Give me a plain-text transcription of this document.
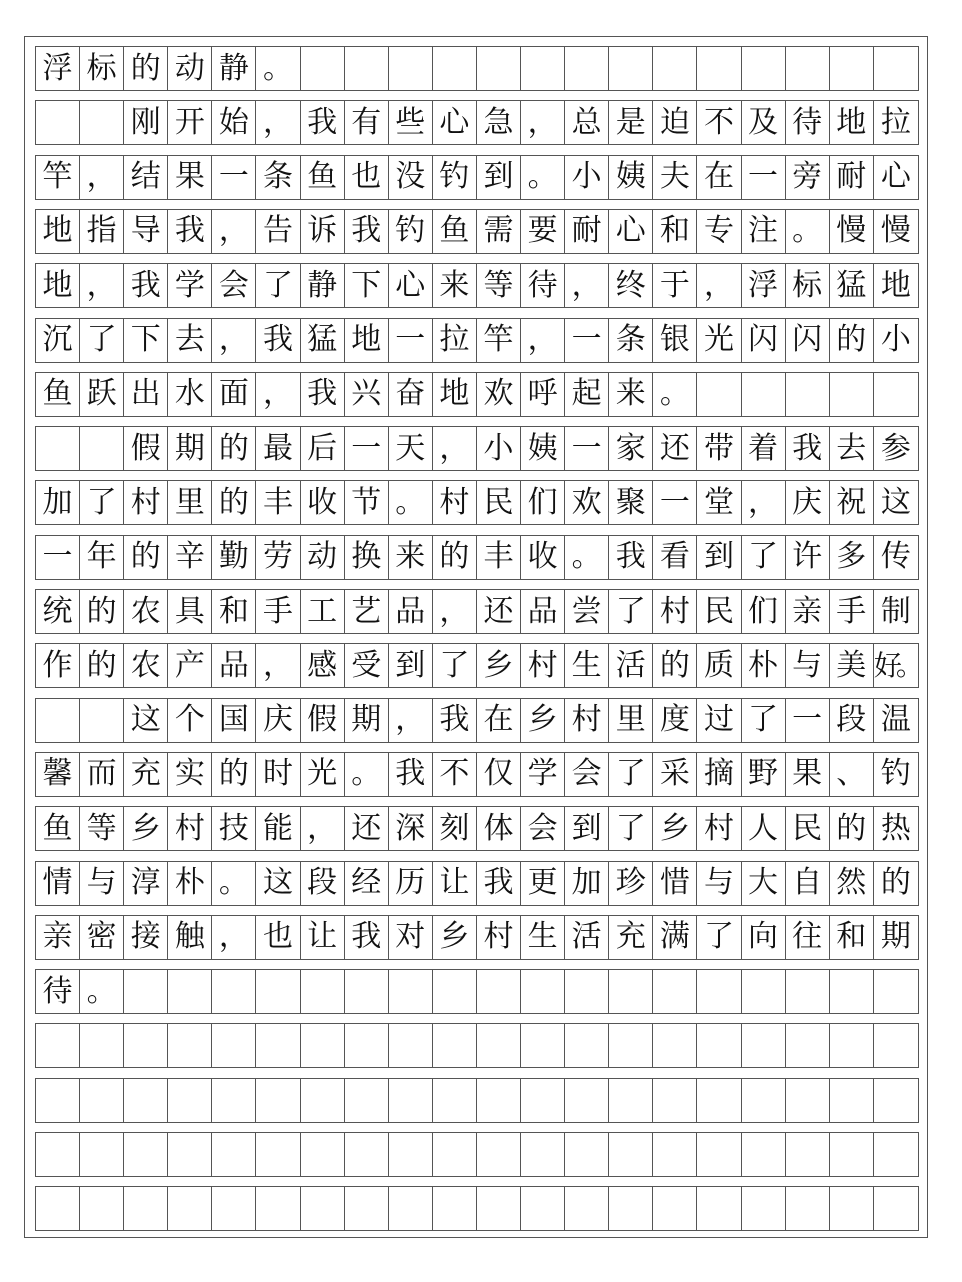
浮 标 的 动 静 。
刚 开 始 ， 我 有 些 心 急 ， 总 是 迫 不 及 待 地 拉
竿 ， 结 果 一 条 鱼 也 没 钓 到 。 小 姨 夫 在 一 旁 耐 心
地 指 导 我 ， 告 诉 我 钓 鱼 需 要 耐 心 和 专 注 。 慢 慢
地 ， 我 学 会 了 静 下 心 来 等 待 ， 终 于 ， 浮 标 猛 地
沉 了 下 去 ， 我 猛 地 一 拉 竿 ， 一 条 银 光 闪 闪 的 小
鱼 跃 出 水 面 ， 我 兴 奋 地 欢 呼 起 来 。
假 期 的 最 后 一 天 ， 小 姨 一 家 还 带 着 我 去 参
加 了 村 里 的 丰 收 节 。 村 民 们 欢 聚 一 堂 ， 庆 祝 这
一 年 的 辛 勤 劳 动 换 来 的 丰 收 。 我 看 到 了 许 多 传
统 的 农 具 和 手 工 艺 品 ， 还 品 尝 了 村 民 们 亲 手 制
作 的 农 产 品 ， 感 受 到 了 乡 村 生 活 的 质 朴 与 美 好。
这 个 国 庆 假 期 ， 我 在 乡 村 里 度 过 了 一 段 温
馨 而 充 实 的 时 光 。 我 不 仅 学 会 了 采 摘 野 果 、 钓
鱼 等 乡 村 技 能 ， 还 深 刻 体 会 到 了 乡 村 人 民 的 热
情 与 淳 朴 。 这 段 经 历 让 我 更 加 珍 惜 与 大 自 然 的
亲 密 接 触 ， 也 让 我 对 乡 村 生 活 充 满 了 向 往 和 期
待 。
